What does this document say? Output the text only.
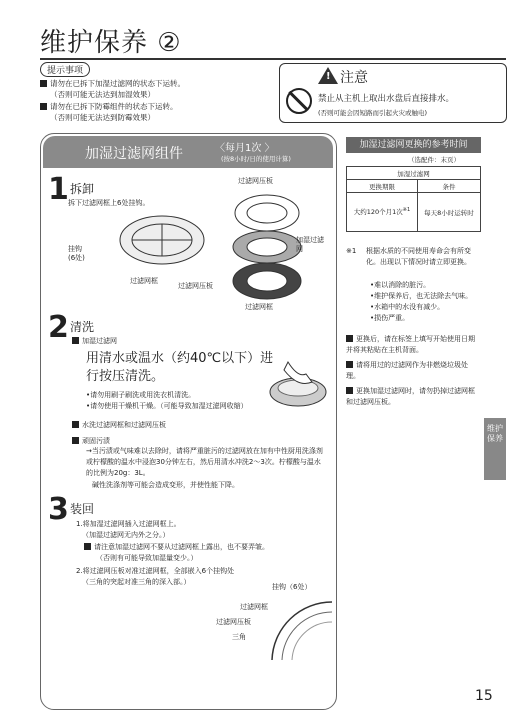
维护保养 ②
提示事项
请勿在已拆下加湿过滤网的状态下运转。
（否则可能无法达到加湿效果）
请勿在已拆下防霉组件的状态下运转。
（否则可能无法达到防霉效果）
!
注意
禁止从主机上取出水盘后直接排水。
(否则可能会因短路而引起火灾或触电)
加湿过滤网组件	〈每月1次 〉
(按8小时/日的使用计算)
1 拆卸
拆下过滤网框上6处挂钩。
过滤网压板
加湿过滤网
挂钩
(6处)
过滤网框
过滤网压板
过滤网框
2 清洗
加湿过滤网
用清水或温水（约40℃以下）进行按压清洗。
•请勿用刷子刷洗或用洗衣机清洗。
•请勿使用干燥机干燥。（可能导致加湿过滤网收缩）
水洗过滤网框和过滤网压板
顽固污渍
→当污渍或气味难以去除时，请将严重脏污的过滤网放在加有中性厨用洗涤剂或柠檬酸的温水中浸泡30分钟左右，然后用清水冲洗2～3次。柠檬酸与温水的比例为20g：3L。
碱性洗涤剂等可能会造成变形，并使性能下降。
3 装回
1.将加湿过滤网插入过滤网框上。
（加湿过滤网无内外之分。）
请注意加湿过滤网不要从过滤网框上露出，也不要弄皱。
（否则有可能导致加湿量变少。）
2.将过滤网压板对准过滤网框，全部嵌入6个挂钩处
（三角的突起对准三角的深入部。）
挂钩（6处）
过滤网框
过滤网压板
三角
加湿过滤网更换的参考时间
（选配件：末页）
加湿过滤网	
更换期限	条件
大约120个月1次$^{※1}$	每天8小时运转时
※1 根据水质的不同使用寿命会有所变化。出现以下情况时请立即更换。
•难以消除的脏污。
•维护保养后，也无法除去气味。
•水箱中的水没有减少。
•损伤严重。
更换后，请在标签上填写开始使用日期并将其粘贴在主机背面。
请将用过的过滤网作为非燃烧垃圾处理。
更换加湿过滤网时，请勿扔掉过滤网框和过滤网压板。
维护保养
15
